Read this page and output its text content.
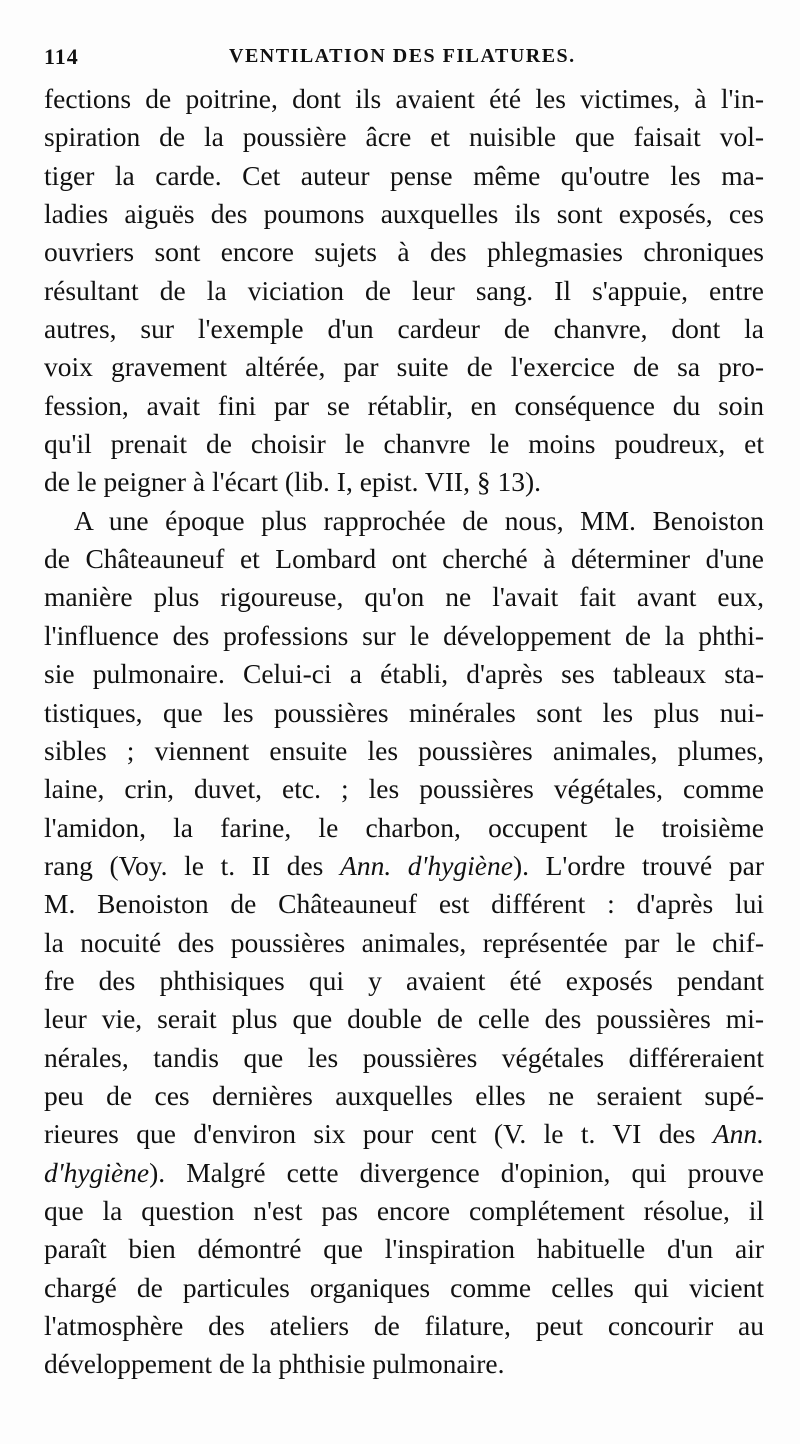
114	VENTILATION DES FILATURES.
fections de poitrine, dont ils avaient été les victimes, à l'in-
spiration de la poussière âcre et nuisible que faisait vol-
tiger la carde. Cet auteur pense même qu'outre les ma-
ladies aiguës des poumons auxquelles ils sont exposés, ces
ouvriers sont encore sujets à des phlegmasies chroniques
résultant de la viciation de leur sang. Il s'appuie, entre
autres, sur l'exemple d'un cardeur de chanvre, dont la
voix gravement altérée, par suite de l'exercice de sa pro-
fession, avait fini par se rétablir, en conséquence du soin
qu'il prenait de choisir le chanvre le moins poudreux, et
de le peigner à l'écart (lib. I, epist. VII, § 13).
A une époque plus rapprochée de nous, MM. Benoiston
de Châteauneuf et Lombard ont cherché à déterminer d'une
manière plus rigoureuse, qu'on ne l'avait fait avant eux,
l'influence des professions sur le développement de la phthi-
sie pulmonaire. Celui-ci a établi, d'après ses tableaux sta-
tistiques, que les poussières minérales sont les plus nui-
sibles ; viennent ensuite les poussières animales, plumes,
laine, crin, duvet, etc. ; les poussières végétales, comme
l'amidon, la farine, le charbon, occupent le troisième
rang (Voy. le t. II des Ann. d'hygiène). L'ordre trouvé par
M. Benoiston de Châteauneuf est différent : d'après lui
la nocuité des poussières animales, représentée par le chif-
fre des phthisiques qui y avaient été exposés pendant
leur vie, serait plus que double de celle des poussières mi-
nérales, tandis que les poussières végétales différeraient
peu de ces dernières auxquelles elles ne seraient supé-
rieures que d'environ six pour cent (V. le t. VI des Ann.
d'hygiène). Malgré cette divergence d'opinion, qui prouve
que la question n'est pas encore complétement résolue, il
paraît bien démontré que l'inspiration habituelle d'un air
chargé de particules organiques comme celles qui vicient
l'atmosphère des ateliers de filature, peut concourir au
développement de la phthisie pulmonaire.
